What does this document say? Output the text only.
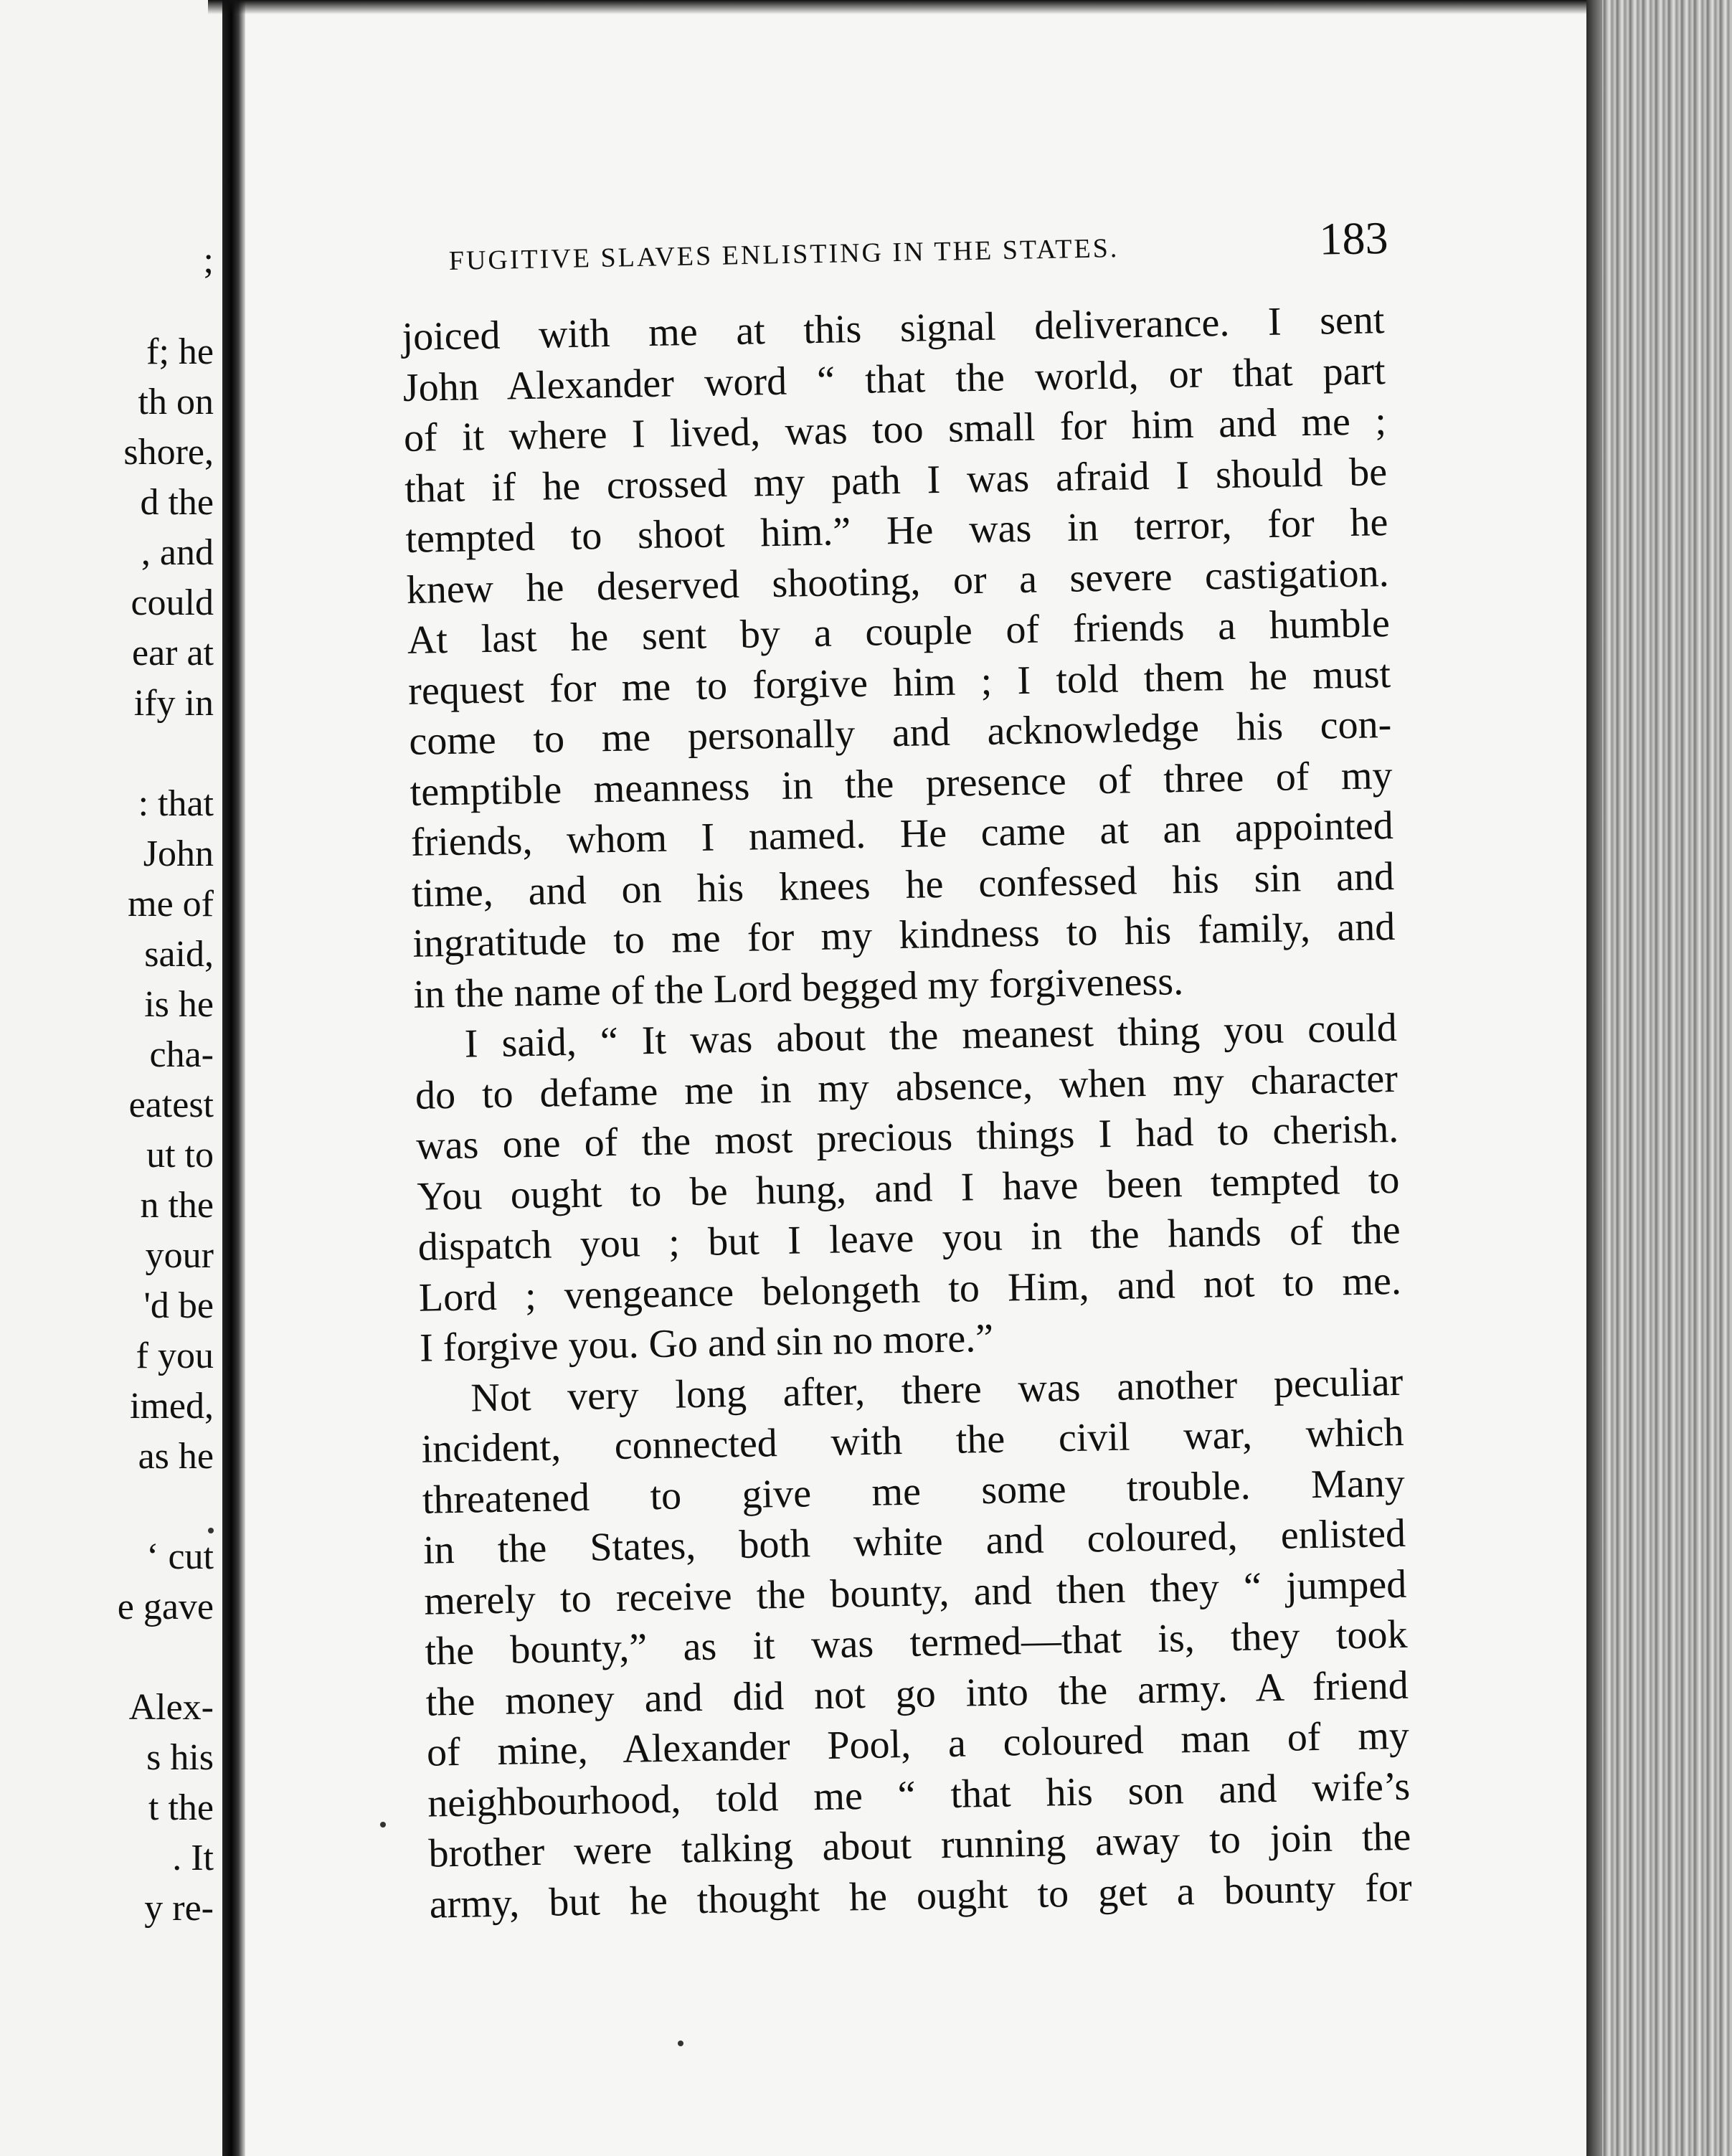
;
f; he
th on
shore,
d the
, and
could
ear at
ify in
: that
John
me of
said,
is he
cha-
eatest
ut to
n the
your
'd be
f you
imed,
as he
‘ cut
e gave
Alex-
s his
t the
. It
y re-
FUGITIVE SLAVES ENLISTING IN THE STATES.	183
joiced with me at this signal deliverance. I sent
John Alexander word “ that the world, or that part
of it where I lived, was too small for him and me ;
that if he crossed my path I was afraid I should be
tempted to shoot him.” He was in terror, for he
knew he deserved shooting, or a severe castigation.
At last he sent by a couple of friends a humble
request for me to forgive him ; I told them he must
come to me personally and acknowledge his con-
temptible meanness in the presence of three of my
friends, whom I named. He came at an appointed
time, and on his knees he confessed his sin and
ingratitude to me for my kindness to his family, and
in the name of the Lord begged my forgiveness.
I said, “ It was about the meanest thing you could
do to defame me in my absence, when my character
was one of the most precious things I had to cherish.
You ought to be hung, and I have been tempted to
dispatch you ; but I leave you in the hands of the
Lord ; vengeance belongeth to Him, and not to me.
I forgive you. Go and sin no more.”
Not very long after, there was another peculiar
incident, connected with the civil war, which
threatened to give me some trouble. Many
in the States, both white and coloured, enlisted
merely to receive the bounty, and then they “ jumped
the bounty,” as it was termed—that is, they took
the money and did not go into the army. A friend
of mine, Alexander Pool, a coloured man of my
neighbourhood, told me “ that his son and wife’s
brother were talking about running away to join the
army, but he thought he ought to get a bounty for
